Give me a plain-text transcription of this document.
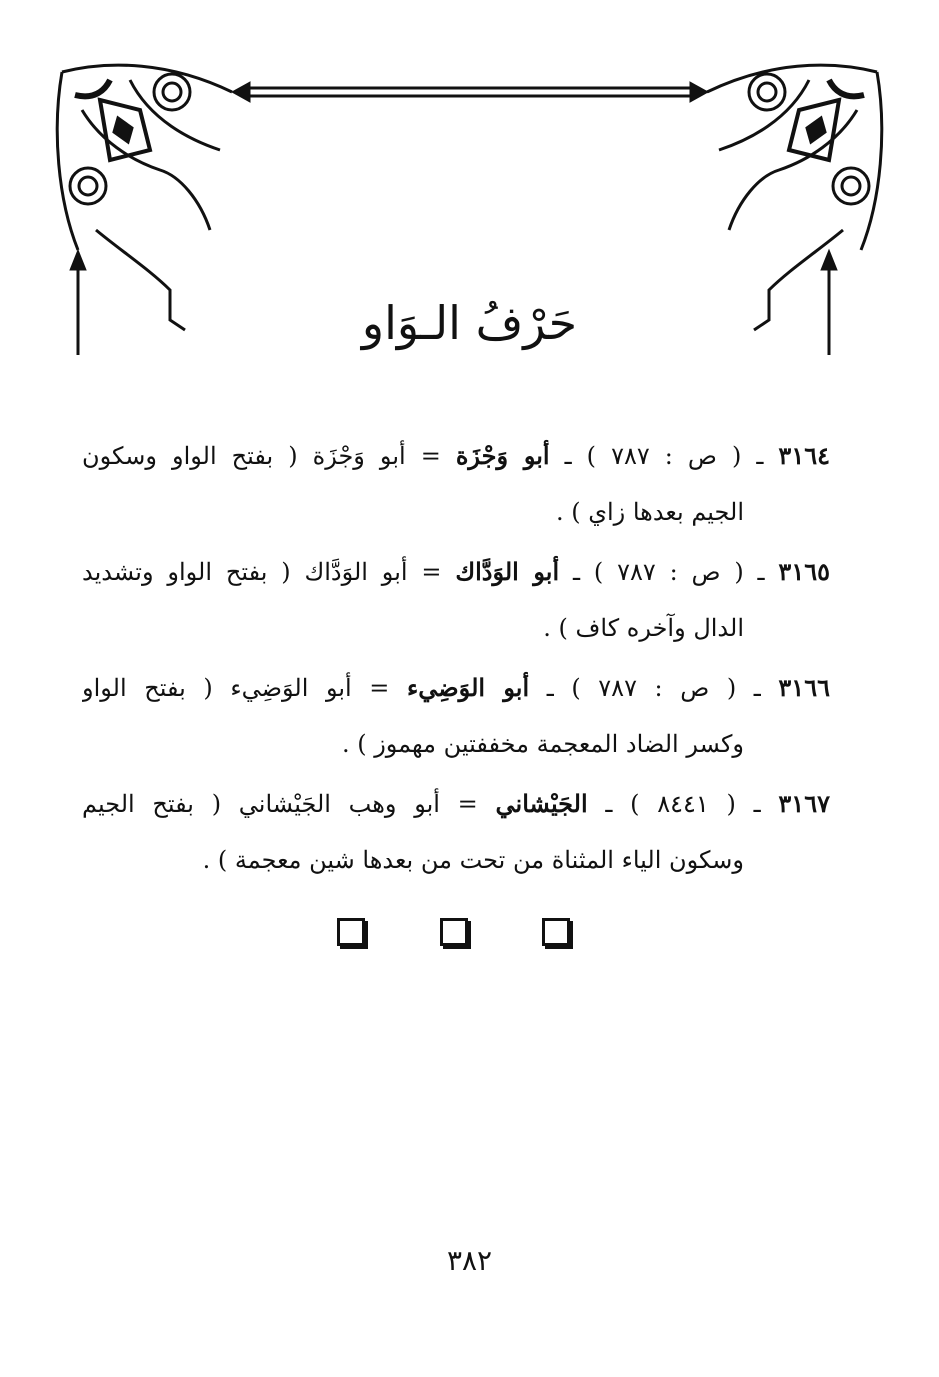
حَرْفُ الـوَاو
٣١٦٤ ـ ( ص : ٧٨٧ ) ـ أبو وَجْزَة = أبو وَجْزَة ( بفتح الواو وسكون
الجيم بعدها زاي ) .
٣١٦٥ ـ ( ص : ٧٨٧ ) ـ أبو الوَدَّاك = أبو الوَدَّاك ( بفتح الواو وتشديد
الدال وآخره كاف ) .
٣١٦٦ ـ ( ص : ٧٨٧ ) ـ أبو الوَضِيء = أبو الوَضِيء ( بفتح الواو
وكسر الضاد المعجمة مخففتين مهموز ) .
٣١٦٧ ـ ( ٨٤٤١ ) ـ الجَيْشاني = أبو وهب الجَيْشاني ( بفتح الجيم
وسكون الياء المثناة من تحت من بعدها شين معجمة ) .
٣٨٢
